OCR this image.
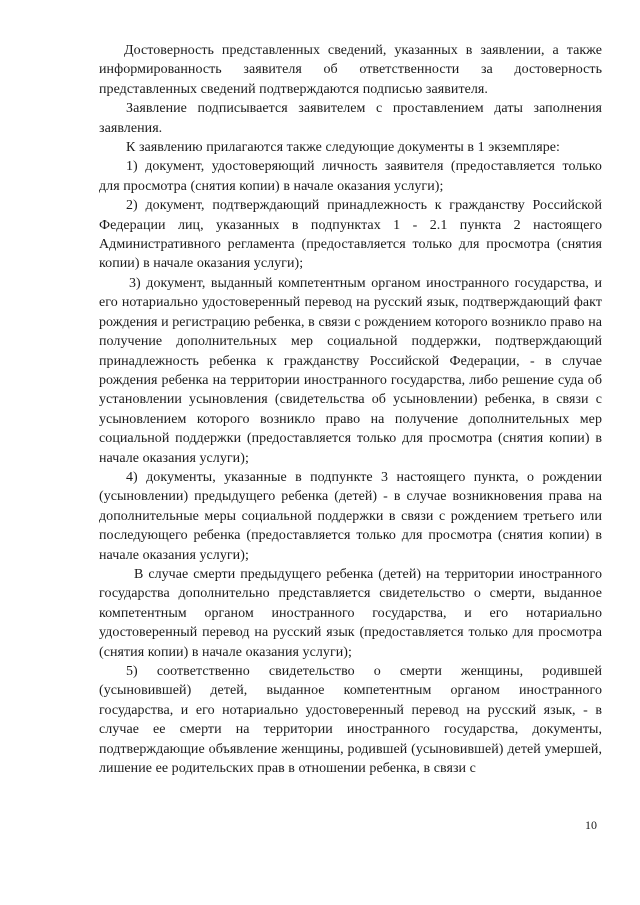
Достоверность представленных сведений, указанных в заявлении, а также информированность заявителя об ответственности за достоверность представленных сведений подтверждаются подписью заявителя.

Заявление подписывается заявителем с проставлением даты заполнения заявления.

К заявлению прилагаются также следующие документы в 1 экземпляре:

1) документ, удостоверяющий личность заявителя (предоставляется только для просмотра (снятия копии) в начале оказания услуги);

2) документ, подтверждающий принадлежность к гражданству Российской Федерации лиц, указанных в подпунктах 1 - 2.1 пункта 2 настоящего Административного регламента (предоставляется только для просмотра (снятия копии) в начале оказания услуги);

3) документ, выданный компетентным органом иностранного государства, и его нотариально удостоверенный перевод на русский язык, подтверждающий факт рождения и регистрацию ребенка, в связи с рождением которого возникло право на получение дополнительных мер социальной поддержки, подтверждающий принадлежность ребенка к гражданству Российской Федерации, - в случае рождения ребенка на территории иностранного государства, либо решение суда об установлении усыновления (свидетельства об усыновлении) ребенка, в связи с усыновлением которого возникло право на получение дополнительных мер социальной поддержки (предоставляется только для просмотра (снятия копии) в начале оказания услуги);

4) документы, указанные в подпункте 3 настоящего пункта, о рождении (усыновлении) предыдущего ребенка (детей) - в случае возникновения права на дополнительные меры социальной поддержки в связи с рождением третьего или последующего ребенка (предоставляется только для просмотра (снятия копии) в начале оказания услуги);

В случае смерти предыдущего ребенка (детей) на территории иностранного государства дополнительно представляется свидетельство о смерти, выданное компетентным органом иностранного государства, и его нотариально удостоверенный перевод на русский язык (предоставляется только для просмотра (снятия копии) в начале оказания услуги);

5) соответственно свидетельство о смерти женщины, родившей (усыновившей) детей, выданное компетентным органом иностранного государства, и его нотариально удостоверенный перевод на русский язык, - в случае ее смерти на территории иностранного государства, документы, подтверждающие объявление женщины, родившей (усыновившей) детей умершей, лишение ее родительских прав в отношении ребенка, в связи с

10
